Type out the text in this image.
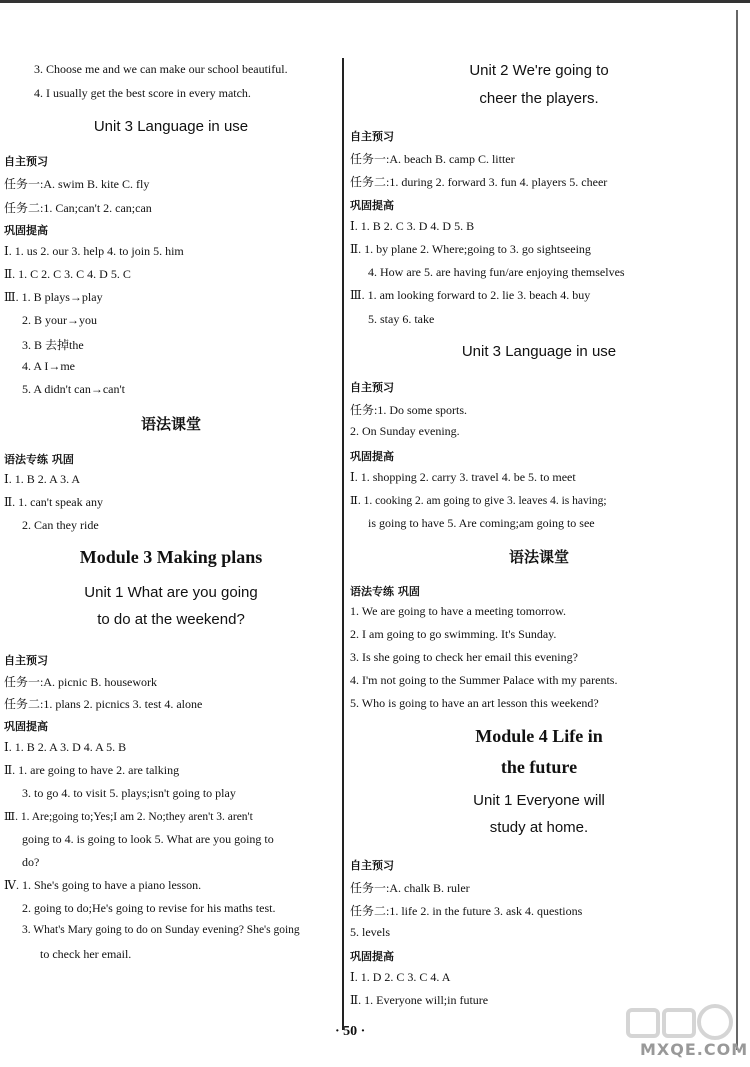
3. Choose me and we can make our school beautiful.
4. I usually get the best score in every match.
Unit 3 Language in use
自主预习
任务一:A. swim B. kite C. fly
任务二:1. Can;can't 2. can;can
巩固提高
Ⅰ. 1. us 2. our 3. help 4. to join 5. him
Ⅱ. 1. C 2. C 3. C 4. D 5. C
Ⅲ. 1. B plays→play
2. B your→you
3. B 去掉the
4. A I→me
5. A didn't can→can't
语法课堂
语法专练 巩固
Ⅰ. 1. B 2. A 3. A
Ⅱ. 1. can't speak any
2. Can they ride
Module 3 Making plans
Unit 1 What are you going
to do at the weekend?
自主预习
任务一:A. picnic B. housework
任务二:1. plans 2. picnics 3. test 4. alone
巩固提高
Ⅰ. 1. B 2. A 3. D 4. A 5. B
Ⅱ. 1. are going to have 2. are talking
3. to go 4. to visit 5. plays;isn't going to play
Ⅲ. 1. Are;going to;Yes;I am 2. No;they aren't 3. aren't
going to 4. is going to look 5. What are you going to
do?
Ⅳ. 1. She's going to have a piano lesson.
2. going to do;He's going to revise for his maths test.
3. What's Mary going to do on Sunday evening? She's going
to check her email.
Unit 2 We're going to
cheer the players.
自主预习
任务一:A. beach B. camp C. litter
任务二:1. during 2. forward 3. fun 4. players 5. cheer
巩固提高
Ⅰ. 1. B 2. C 3. D 4. D 5. B
Ⅱ. 1. by plane 2. Where;going to 3. go sightseeing
4. How are 5. are having fun/are enjoying themselves
Ⅲ. 1. am looking forward to 2. lie 3. beach 4. buy
5. stay 6. take
Unit 3 Language in use
自主预习
任务:1. Do some sports.
2. On Sunday evening.
巩固提高
Ⅰ. 1. shopping 2. carry 3. travel 4. be 5. to meet
Ⅱ. 1. cooking 2. am going to give 3. leaves 4. is having;
is going to have 5. Are coming;am going to see
语法课堂
语法专练 巩固
1. We are going to have a meeting tomorrow.
2. I am going to go swimming. It's Sunday.
3. Is she going to check her email this evening?
4. I'm not going to the Summer Palace with my parents.
5. Who is going to have an art lesson this weekend?
Module 4 Life in
the future
Unit 1 Everyone will
study at home.
自主预习
任务一:A. chalk B. ruler
任务二:1. life 2. in the future 3. ask 4. questions
5. levels
巩固提高
Ⅰ. 1. D 2. C 3. C 4. A
Ⅱ. 1. Everyone will;in future
· 50 ·
MXQE.COM
